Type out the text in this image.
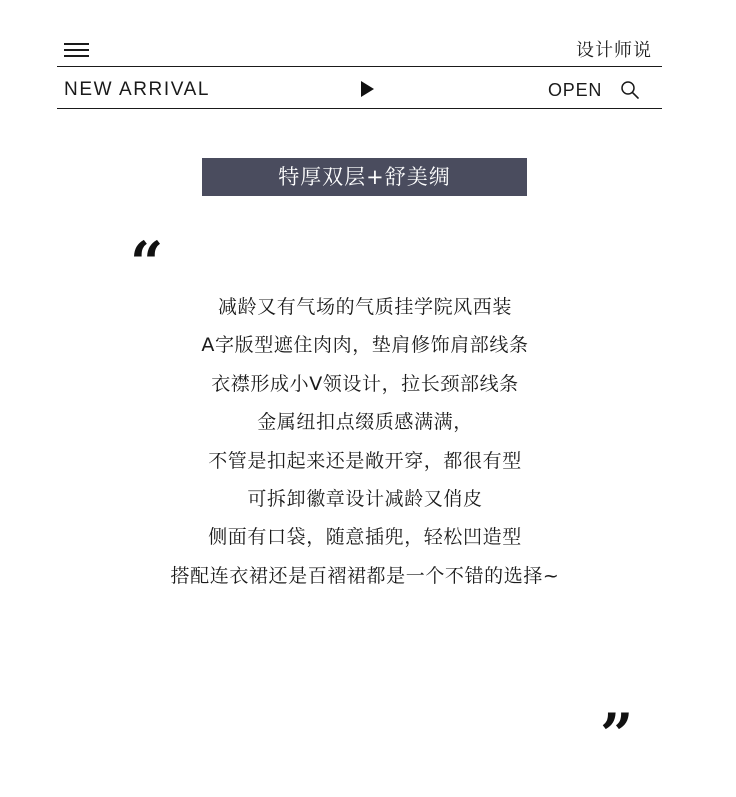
设计师说
NEW ARRIVAL	OPEN
特厚双层+舒美绸
“
减龄又有气场的气质挂学院风西装
A字版型遮住肉肉，垫肩修饰肩部线条
衣襟形成小V领设计，拉长颈部线条
金属纽扣点缀质感满满，
不管是扣起来还是敞开穿，都很有型
可拆卸徽章设计减龄又俏皮
侧面有口袋，随意插兜，轻松凹造型
搭配连衣裙还是百褶裙都是一个不错的选择~
”
